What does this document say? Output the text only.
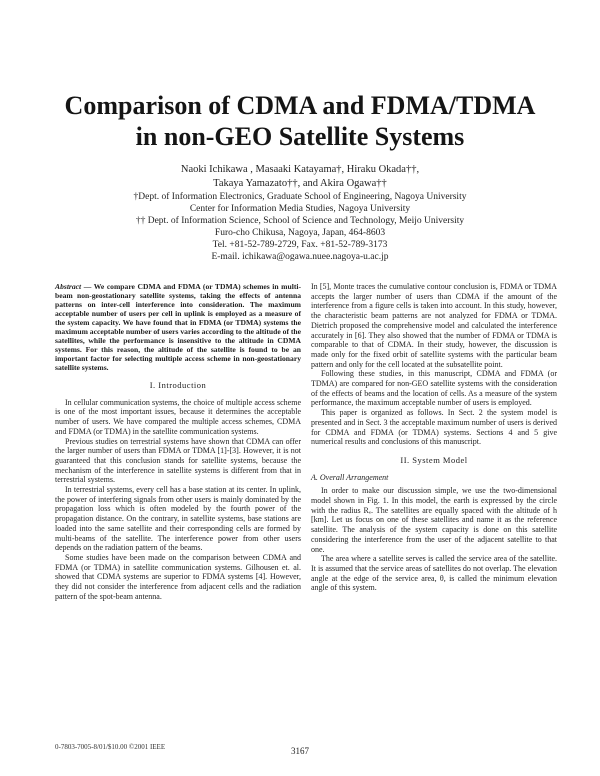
Comparison of CDMA and FDMA/TDMA
in non-GEO Satellite Systems
Naoki Ichikawa , Masaaki Katayama†, Hiraku Okada††,
Takaya Yamazato††, and Akira Ogawa††
†Dept. of Information Electronics, Graduate School of Engineering, Nagoya University
Center for Information Media Studies, Nagoya University
†† Dept. of Information Science, School of Science and Technology, Meijo University
Furo-cho Chikusa, Nagoya, Japan, 464-8603
Tel. +81-52-789-2729, Fax. +81-52-789-3173
E-mail. ichikawa@ogawa.nuee.nagoya-u.ac.jp

Abstract — We compare CDMA and FDMA (or TDMA) schemes in multi-beam non-geostationary satellite systems, taking the effects of antenna patterns on inter-cell interference into consideration. The maximum acceptable number of users per cell in uplink is employed as a measure of the system capacity. We have found that in FDMA (or TDMA) systems the maximum acceptable number of users varies according to the altitude of the satellites, while the performance is insensitive to the altitude in CDMA systems. For this reason, the altitude of the satellite is found to be an important factor for selecting multiple access scheme in non-geostationary satellite systems.

I. Introduction

In cellular communication systems, the choice of multiple access scheme is one of the most important issues, because it determines the acceptable number of users. We have compared the multiple access schemes, CDMA and FDMA (or TDMA) in the satellite communication systems.

Previous studies on terrestrial systems have shown that CDMA can offer the larger number of users than FDMA or TDMA [1]-[3]. However, it is not guaranteed that this conclusion stands for satellite systems, because the mechanism of the interference in satellite systems is different from that in terrestrial systems.

In terrestrial systems, every cell has a base station at its center. In uplink, the power of interfering signals from other users is mainly dominated by the propagation loss which is often modeled by the fourth power of the propagation distance. On the contrary, in satellite systems, base stations are loaded into the same satellite and their corresponding cells are formed by multi-beams of the satellite. The interference power from other users depends on the radiation pattern of the beams.

Some studies have been made on the comparison between CDMA and FDMA (or TDMA) in satellite communication systems. Gilhousen et. al. showed that CDMA systems are superior to FDMA systems [4]. However, they did not consider the interference from adjacent cells and the radiation pattern of the spot-beam antenna.

In [5], Monte traces the cumulative contour conclusion is, FDMA or TDMA accepts the larger number of users than CDMA if the amount of the interference from a figure cells is taken into account. In this study, however, the characteristic beam patterns are not analyzed for FDMA or TDMA. Dietrich proposed the comprehensive model and calculated the interference accurately in [6]. They also showed that the number of FDMA or TDMA is comparable to that of CDMA. In their study, however, the discussion is made only for the fixed orbit of satellite systems with the particular beam pattern and only for the cell located at the subsatellite point.

Following these studies, in this manuscript, CDMA and FDMA (or TDMA) are compared for non-GEO satellite systems with the consideration of the effects of beams and the location of cells. As a measure of the system performance, the maximum acceptable number of users is employed.

This paper is organized as follows. In Sect. 2 the system model is presented and in Sect. 3 the acceptable maximum number of users is derived for CDMA and FDMA (or TDMA) systems. Sections 4 and 5 give numerical results and conclusions of this manuscript.

II. System Model
A. Overall Arrangement

In order to make our discussion simple, we use the two-dimensional model shown in Fig. 1. In this model, the earth is expressed by the circle with the radius Rₑ. The satellites are equally spaced with the altitude of h [km]. Let us focus on one of these satellites and name it as the reference satellite. The analysis of the system capacity is done on this satellite considering the interference from the user of the adjacent satellite to that one.

The area where a satellite serves is called the service area of the satellite. It is assumed that the service areas of satellites do not overlap. The elevation angle at the edge of the service area, θ, is called the minimum elevation angle of this system.

0-7803-7005-8/01/$10.00 ©2001 IEEE	3167
